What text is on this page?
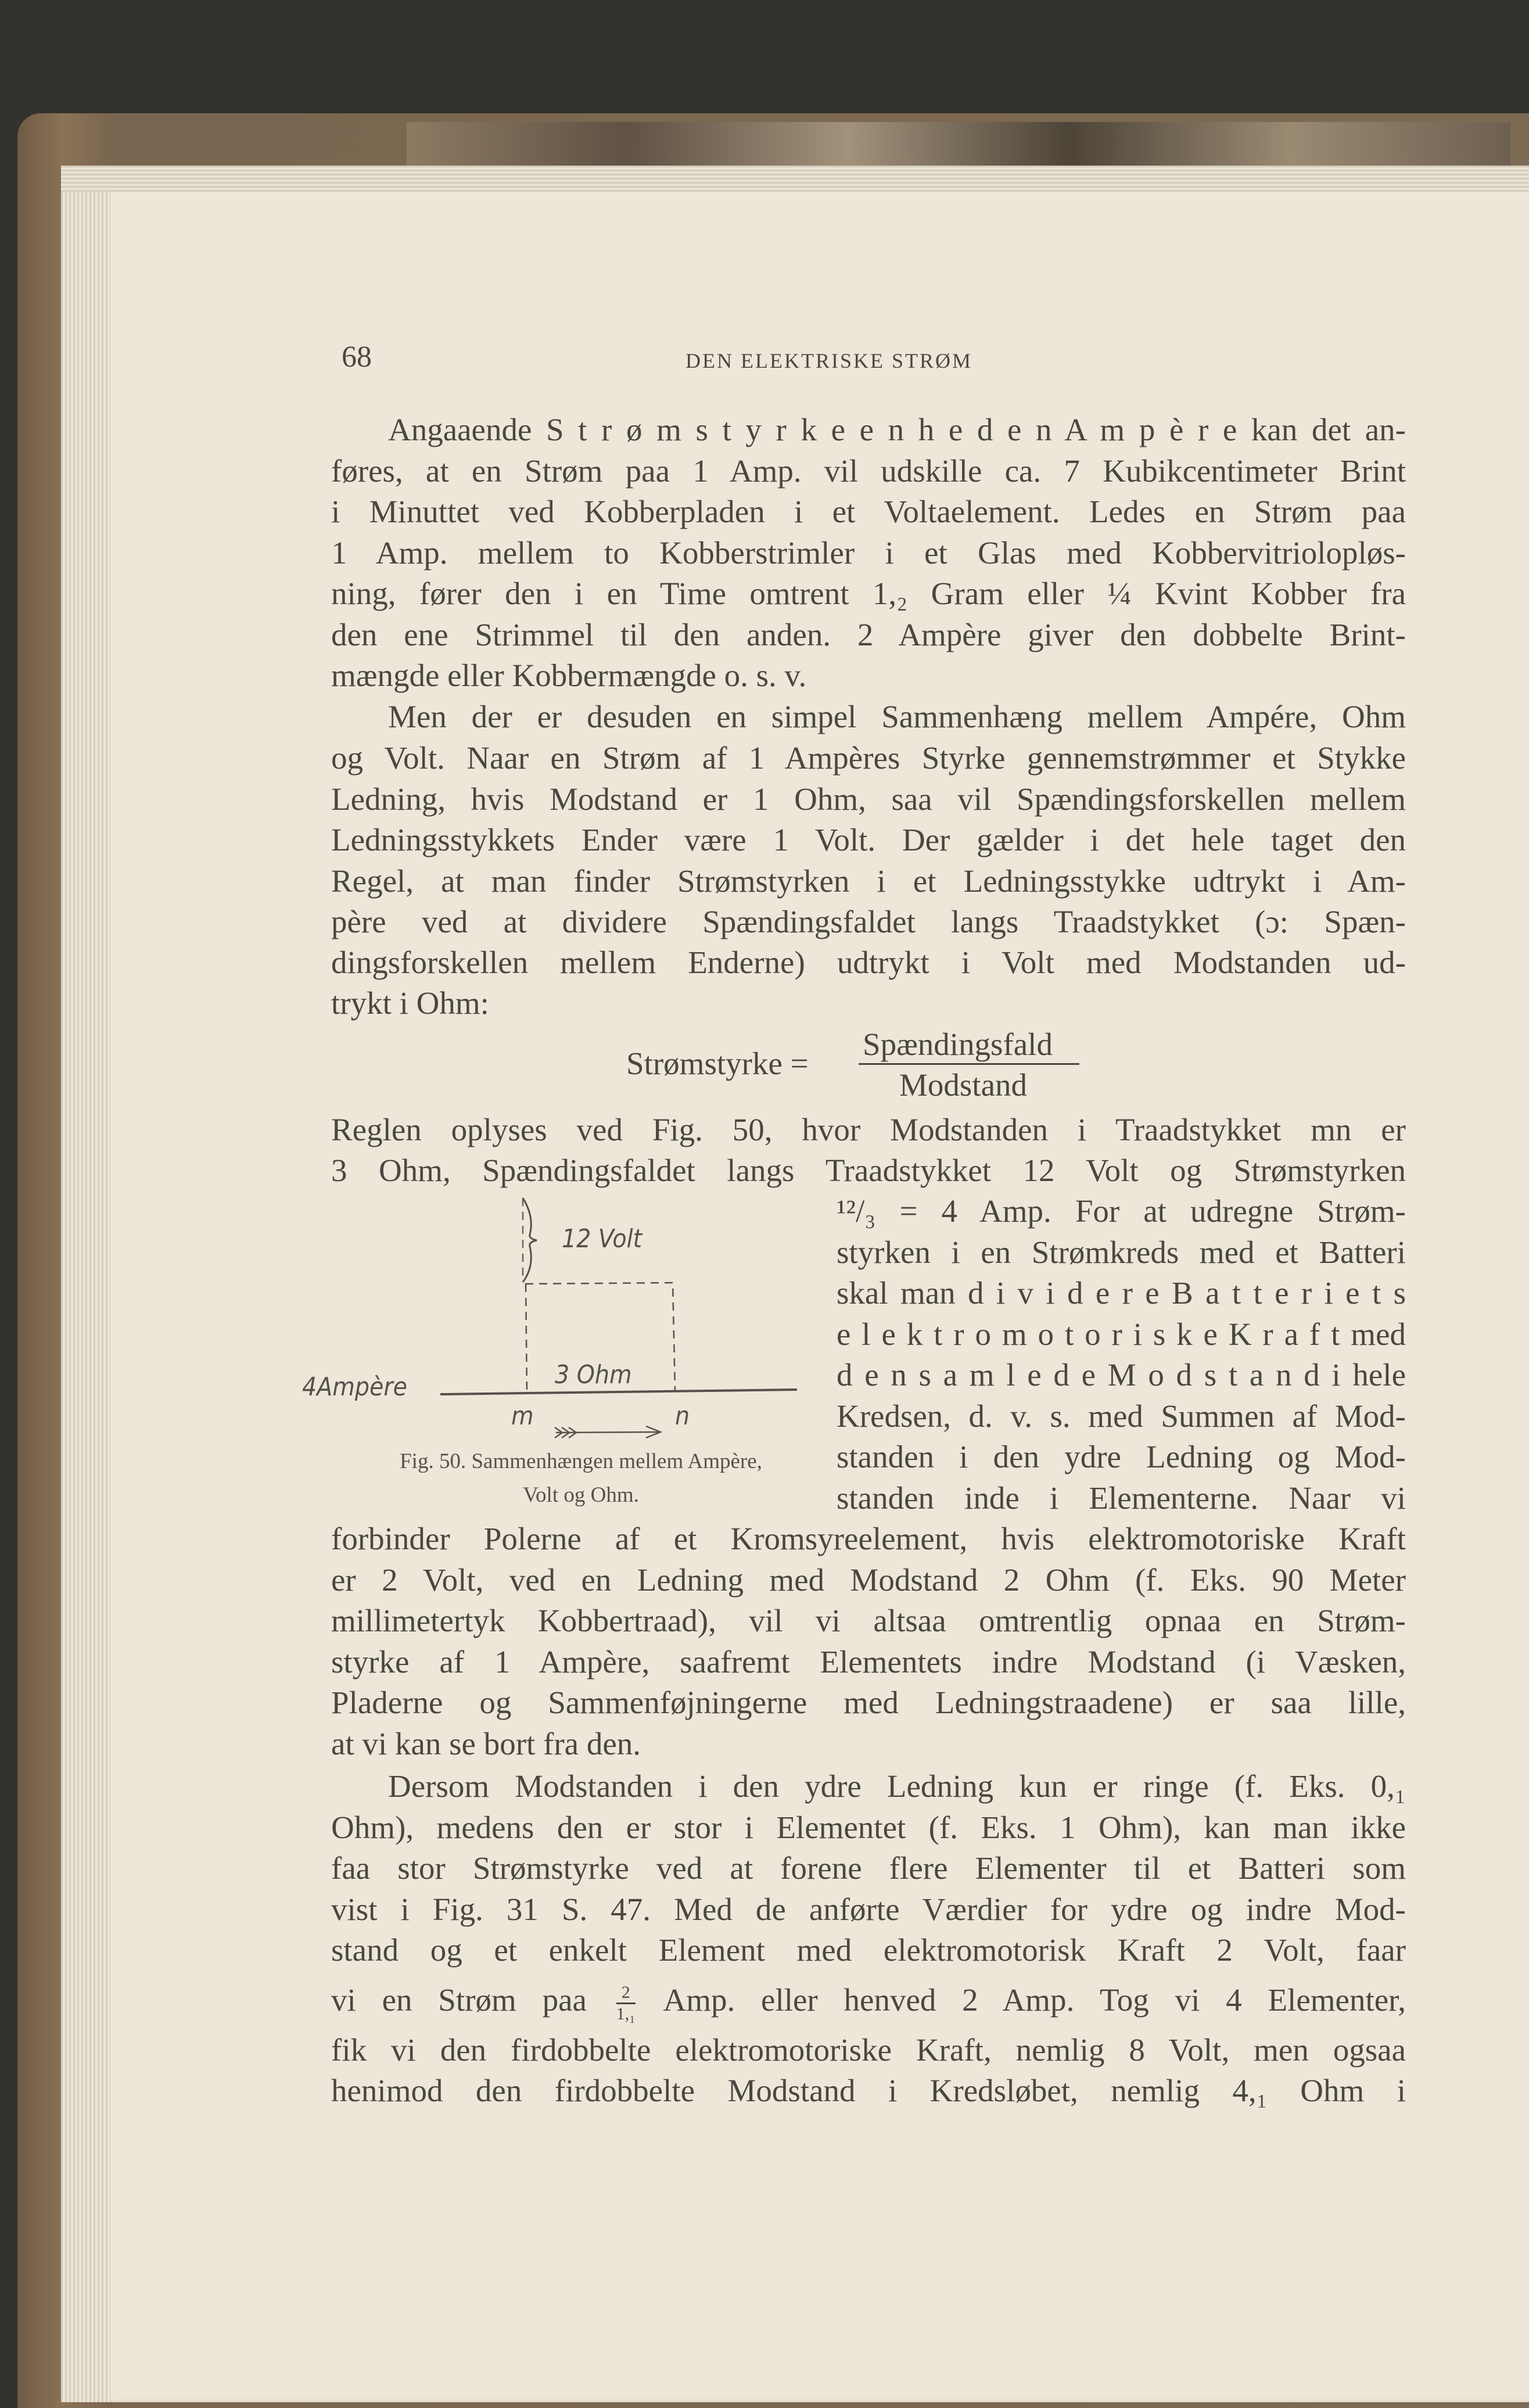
68	DEN ELEKTRISKE STRØM
Angaaende S t r ø m s t y r k e e n h e d e n A m p è r e kan det an-
føres, at en Strøm paa 1 Amp. vil udskille ca. 7 Kubikcentimeter Brint
i Minuttet ved Kobberpladen i et Voltaelement. Ledes en Strøm paa
1 Amp. mellem to Kobberstrimler i et Glas med Kobbervitriolopløs-
ning, fører den i en Time omtrent 1,₂ Gram eller ¼ Kvint Kobber fra
den ene Strimmel til den anden. 2 Ampère giver den dobbelte Brint-
mængde eller Kobbermængde o. s. v.
Men der er desuden en simpel Sammenhæng mellem Ampére, Ohm
og Volt. Naar en Strøm af 1 Ampères Styrke gennemstrømmer et Stykke
Ledning, hvis Modstand er 1 Ohm, saa vil Spændingsforskellen mellem
Ledningsstykkets Ender være 1 Volt. Der gælder i det hele taget den
Regel, at man finder Strømstyrken i et Ledningsstykke udtrykt i Am-
père ved at dividere Spændingsfaldet langs Traadstykket (ɔ: Spæn-
dingsforskellen mellem Enderne) udtrykt i Volt med Modstanden ud-
trykt i Ohm:
Strømstyrke =
Spændingsfald
Modstand
Reglen oplyses ved Fig. 50, hvor Modstanden i Traadstykket mn er
3 Ohm, Spændingsfaldet langs Traadstykket 12 Volt og Strømstyrken
¹²/₃ = 4 Amp. For at udregne Strøm-
styrken i en Strømkreds med et Batteri
skal man d i v i d e r e B a t t e r i e t s
e l e k t r o m o t o r i s k e K r a f t med
d e n s a m l e d e M o d s t a n d i hele
Kredsen, d. v. s. med Summen af Mod-
standen i den ydre Ledning og Mod-
standen inde i Elementerne. Naar vi
forbinder Polerne af et Kromsyreelement, hvis elektromotoriske Kraft
er 2 Volt, ved en Ledning med Modstand 2 Ohm (f. Eks. 90 Meter
millimetertyk Kobbertraad), vil vi altsaa omtrentlig opnaa en Strøm-
styrke af 1 Ampère, saafremt Elementets indre Modstand (i Væsken,
Pladerne og Sammenføjningerne med Ledningstraadene) er saa lille,
at vi kan se bort fra den.
Dersom Modstanden i den ydre Ledning kun er ringe (f. Eks. 0,₁
Ohm), medens den er stor i Elementet (f. Eks. 1 Ohm), kan man ikke
faa stor Strømstyrke ved at forene flere Elementer til et Batteri som
vist i Fig. 31 S. 47. Med de anførte Værdier for ydre og indre Mod-
stand og et enkelt Element med elektromotorisk Kraft 2 Volt, faar
vi en Strøm paa $\frac{2}{\text{1,₁}}$ Amp. eller henved 2 Amp. Tog vi 4 Elementer,
fik vi den firdobbelte elektromotoriske Kraft, nemlig 8 Volt, men ogsaa
henimod den firdobbelte Modstand i Kredsløbet, nemlig 4,₁ Ohm i
12 Volt
3 Ohm
4Ampère
m	n
Fig. 50. Sammenhængen mellem Ampère,
Volt og Ohm.
